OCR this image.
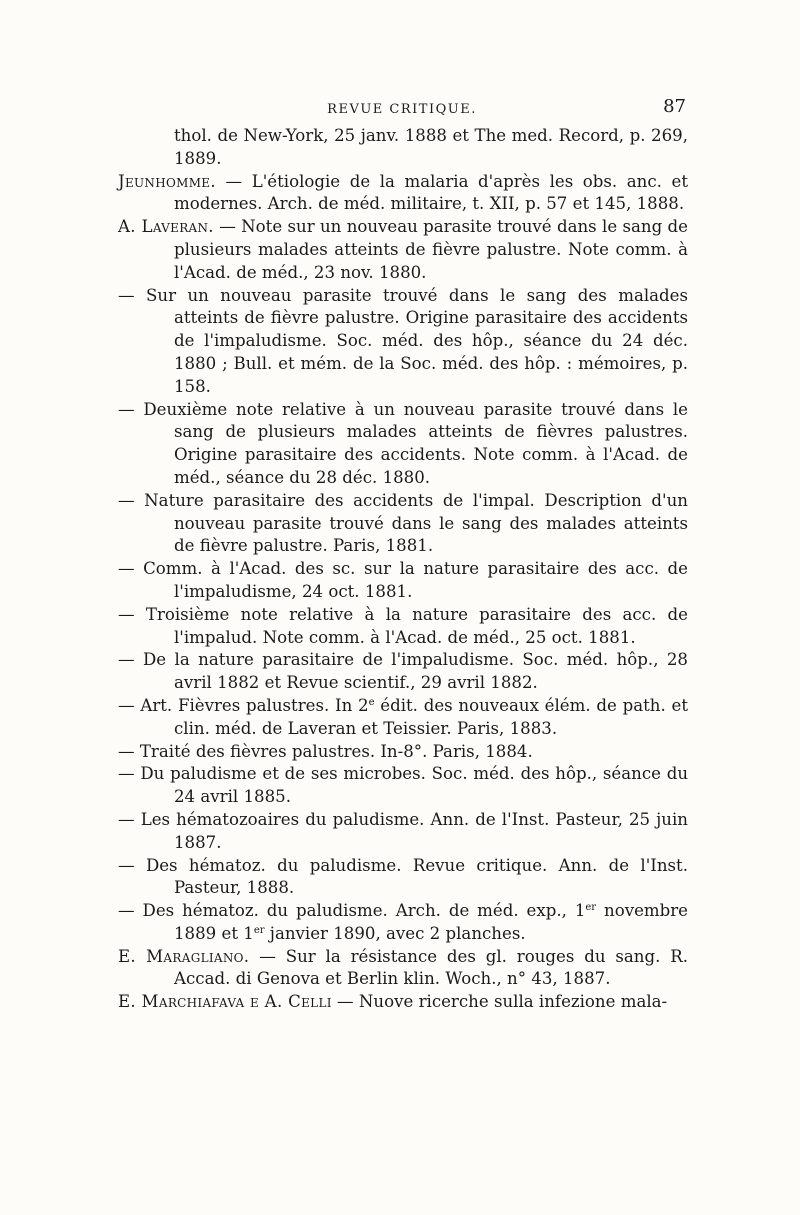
REVUE CRITIQUE.	87
thol. de New-York, 25 janv. 1888 et The med. Record, p. 269, 1889.
Jeunhomme. — L'étiologie de la malaria d'après les obs. anc. et modernes. Arch. de méd. militaire, t. XII, p. 57 et 145, 1888.
A. Laveran. — Note sur un nouveau parasite trouvé dans le sang de plusieurs malades atteints de fièvre palustre. Note comm. à l'Acad. de méd., 23 nov. 1880.
— Sur un nouveau parasite trouvé dans le sang des malades atteints de fièvre palustre. Origine parasitaire des accidents de l'impaludisme. Soc. méd. des hôp., séance du 24 déc. 1880 ; Bull. et mém. de la Soc. méd. des hôp. : mémoires, p. 158.
— Deuxième note relative à un nouveau parasite trouvé dans le sang de plusieurs malades atteints de fièvres palustres. Origine parasitaire des accidents. Note comm. à l'Acad. de méd., séance du 28 déc. 1880.
— Nature parasitaire des accidents de l'impal. Description d'un nouveau parasite trouvé dans le sang des malades atteints de fièvre palustre. Paris, 1881.
— Comm. à l'Acad. des sc. sur la nature parasitaire des acc. de l'impaludisme, 24 oct. 1881.
— Troisième note relative à la nature parasitaire des acc. de l'impalud. Note comm. à l'Acad. de méd., 25 oct. 1881.
— De la nature parasitaire de l'impaludisme. Soc. méd. hôp., 28 avril 1882 et Revue scientif., 29 avril 1882.
— Art. Fièvres palustres. In 2e édit. des nouveaux élém. de path. et clin. méd. de Laveran et Teissier. Paris, 1883.
— Traité des fièvres palustres. In-8°. Paris, 1884.
— Du paludisme et de ses microbes. Soc. méd. des hôp., séance du 24 avril 1885.
— Les hématozoaires du paludisme. Ann. de l'Inst. Pasteur, 25 juin 1887.
— Des hématoz. du paludisme. Revue critique. Ann. de l'Inst. Pasteur, 1888.
— Des hématoz. du paludisme. Arch. de méd. exp., 1er novembre 1889 et 1er janvier 1890, avec 2 planches.
E. Maragliano. — Sur la résistance des gl. rouges du sang. R. Accad. di Genova et Berlin klin. Woch., n° 43, 1887.
E. Marchiafava e A. Celli — Nuove ricerche sulla infezione mala-
